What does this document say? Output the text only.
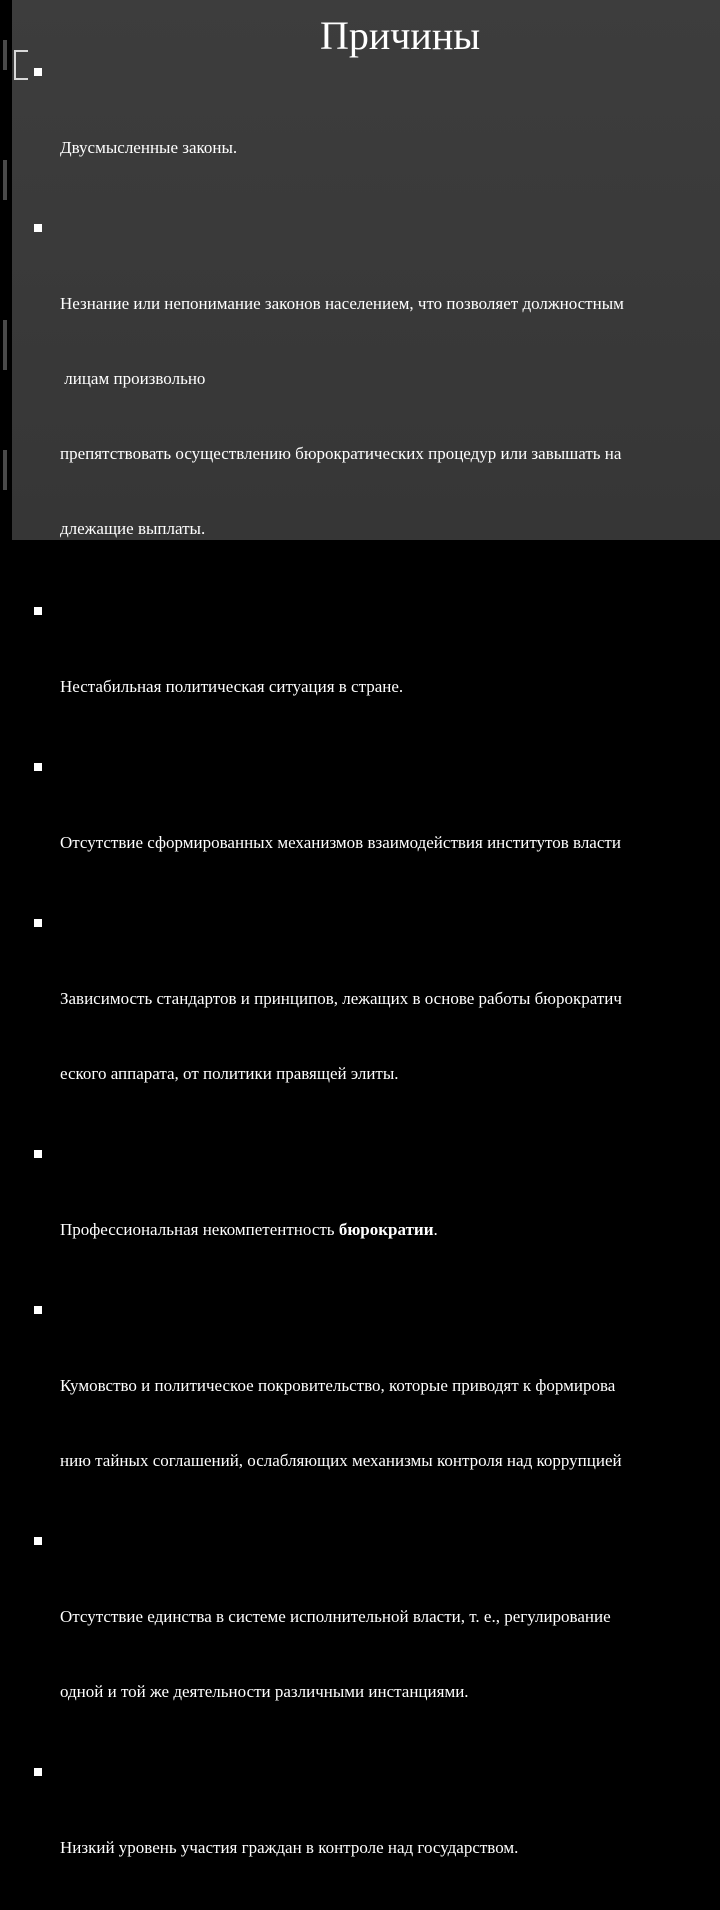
Причины

Двусмысленные законы.

Незнание или непонимание законов населением, что позволяет должностным

лицам произвольно

препятствовать осуществлению бюрократических процедур или завышать на

длежащие выплаты.

Нестабильная политическая ситуация в стране.

Отсутствие сформированных механизмов взаимодействия институтов власти

Зависимость стандартов и принципов, лежащих в основе работы бюрократич

еского аппарата, от политики правящей элиты.

Профессиональная некомпетентность бюрократии.

Кумовство и политическое покровительство, которые приводят к формирова

нию тайных соглашений, ослабляющих механизмы контроля над коррупцией

Отсутствие единства в системе исполнительной власти, т. е., регулирование

одной и той же деятельности различными инстанциями.

Низкий уровень участия граждан в контроле над государством.
